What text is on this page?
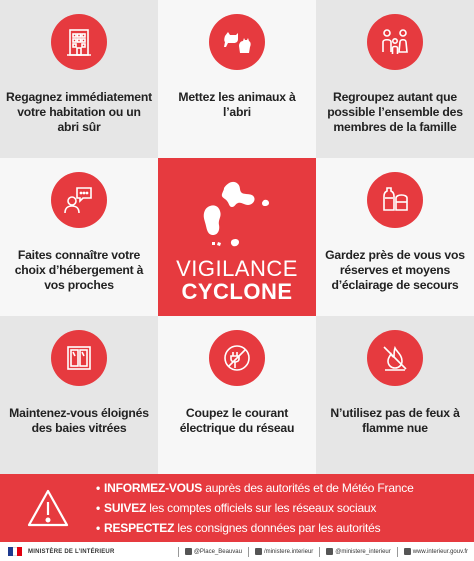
Regagnez immédiatement votre habitation ou un abri sûr
Mettez les animaux à l’abri
Regroupez autant que possible l’ensemble des membres de la famille
Faites connaître votre choix d’hébergement à vos proches
VIGILANCE
CYCLONE
Gardez près de vous vos réserves et moyens d’éclairage de secours
Maintenez-vous éloignés des baies vitrées
Coupez le courant électrique du réseau
N’utilisez pas de feux à flamme nue
• INFORMEZ-VOUS auprès des autorités et de Météo France
• SUIVEZ les comptes officiels sur les réseaux sociaux
• RESPECTEZ les consignes données par les autorités
MINISTÈRE DE L’INTÉRIEUR	@Place_Beauvau	/ministere.interieur	@ministere_interieur	www.interieur.gouv.fr
